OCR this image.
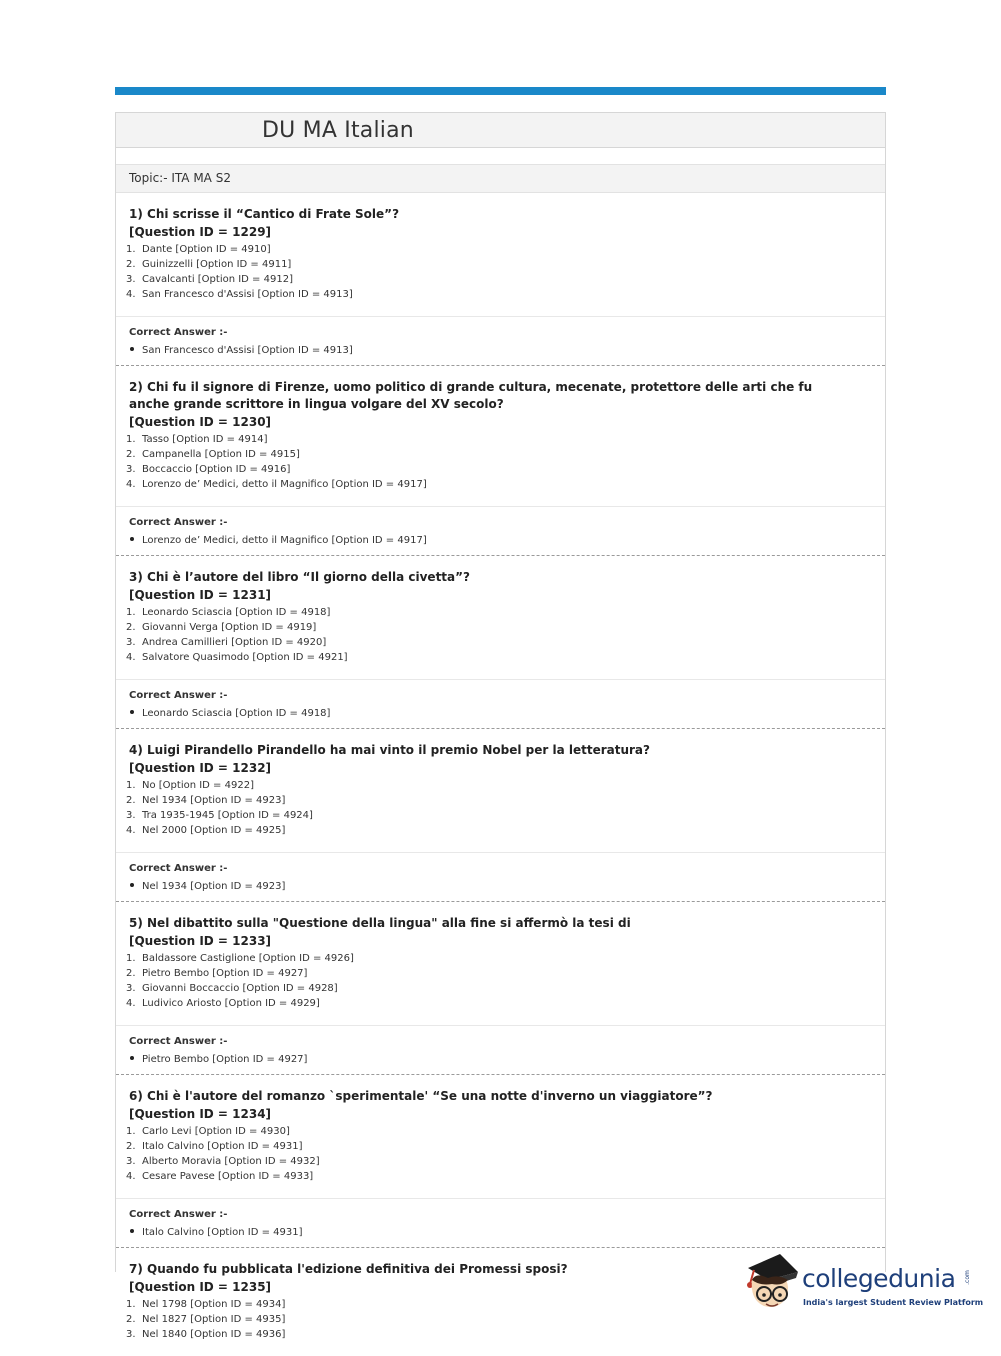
DU MA Italian
Topic:- ITA MA S2

1) Chi scrisse il “Cantico di Frate Sole”?

[Question ID = 1229]

1. Dante [Option ID = 4910]
2. Guinizzelli [Option ID = 4911]
3. Cavalcanti [Option ID = 4912]
4. San Francesco d'Assisi [Option ID = 4913]
Correct Answer :-
San Francesco d'Assisi [Option ID = 4913]

2) Chi fu il signore di Firenze, uomo politico di grande cultura, mecenate, protettore delle arti che fu anche grande scrittore in lingua volgare del XV secolo?

[Question ID = 1230]

1. Tasso [Option ID = 4914]
2. Campanella [Option ID = 4915]
3. Boccaccio [Option ID = 4916]
4. Lorenzo de’ Medici, detto il Magnifico [Option ID = 4917]
Correct Answer :-
Lorenzo de’ Medici, detto il Magnifico [Option ID = 4917]

3) Chi è l’autore del libro “Il giorno della civetta”?

[Question ID = 1231]

1. Leonardo Sciascia [Option ID = 4918]
2. Giovanni Verga [Option ID = 4919]
3. Andrea Camillieri [Option ID = 4920]
4. Salvatore Quasimodo [Option ID = 4921]
Correct Answer :-
Leonardo Sciascia [Option ID = 4918]

4) Luigi Pirandello Pirandello ha mai vinto il premio Nobel per la letteratura?

[Question ID = 1232]

1. No [Option ID = 4922]
2. Nel 1934 [Option ID = 4923]
3. Tra 1935-1945 [Option ID = 4924]
4. Nel 2000 [Option ID = 4925]
Correct Answer :-
Nel 1934 [Option ID = 4923]

5) Nel dibattito sulla "Questione della lingua" alla fine si affermò la tesi di

[Question ID = 1233]

1. Baldassore Castiglione [Option ID = 4926]
2. Pietro Bembo [Option ID = 4927]
3. Giovanni Boccaccio [Option ID = 4928]
4. Ludivico Ariosto [Option ID = 4929]
Correct Answer :-
Pietro Bembo [Option ID = 4927]

6) Chi è l'autore del romanzo `sperimentale' “Se una notte d'inverno un viaggiatore”?

[Question ID = 1234]

1. Carlo Levi [Option ID = 4930]
2. Italo Calvino [Option ID = 4931]
3. Alberto Moravia [Option ID = 4932]
4. Cesare Pavese [Option ID = 4933]
Correct Answer :-
Italo Calvino [Option ID = 4931]

7) Quando fu pubblicata l'edizione definitiva dei Promessi sposi?

[Question ID = 1235]

1. Nel 1798 [Option ID = 4934]
2. Nel 1827 [Option ID = 4935]
3. Nel 1840 [Option ID = 4936]
collegedunia .com
India's largest Student Review Platform
